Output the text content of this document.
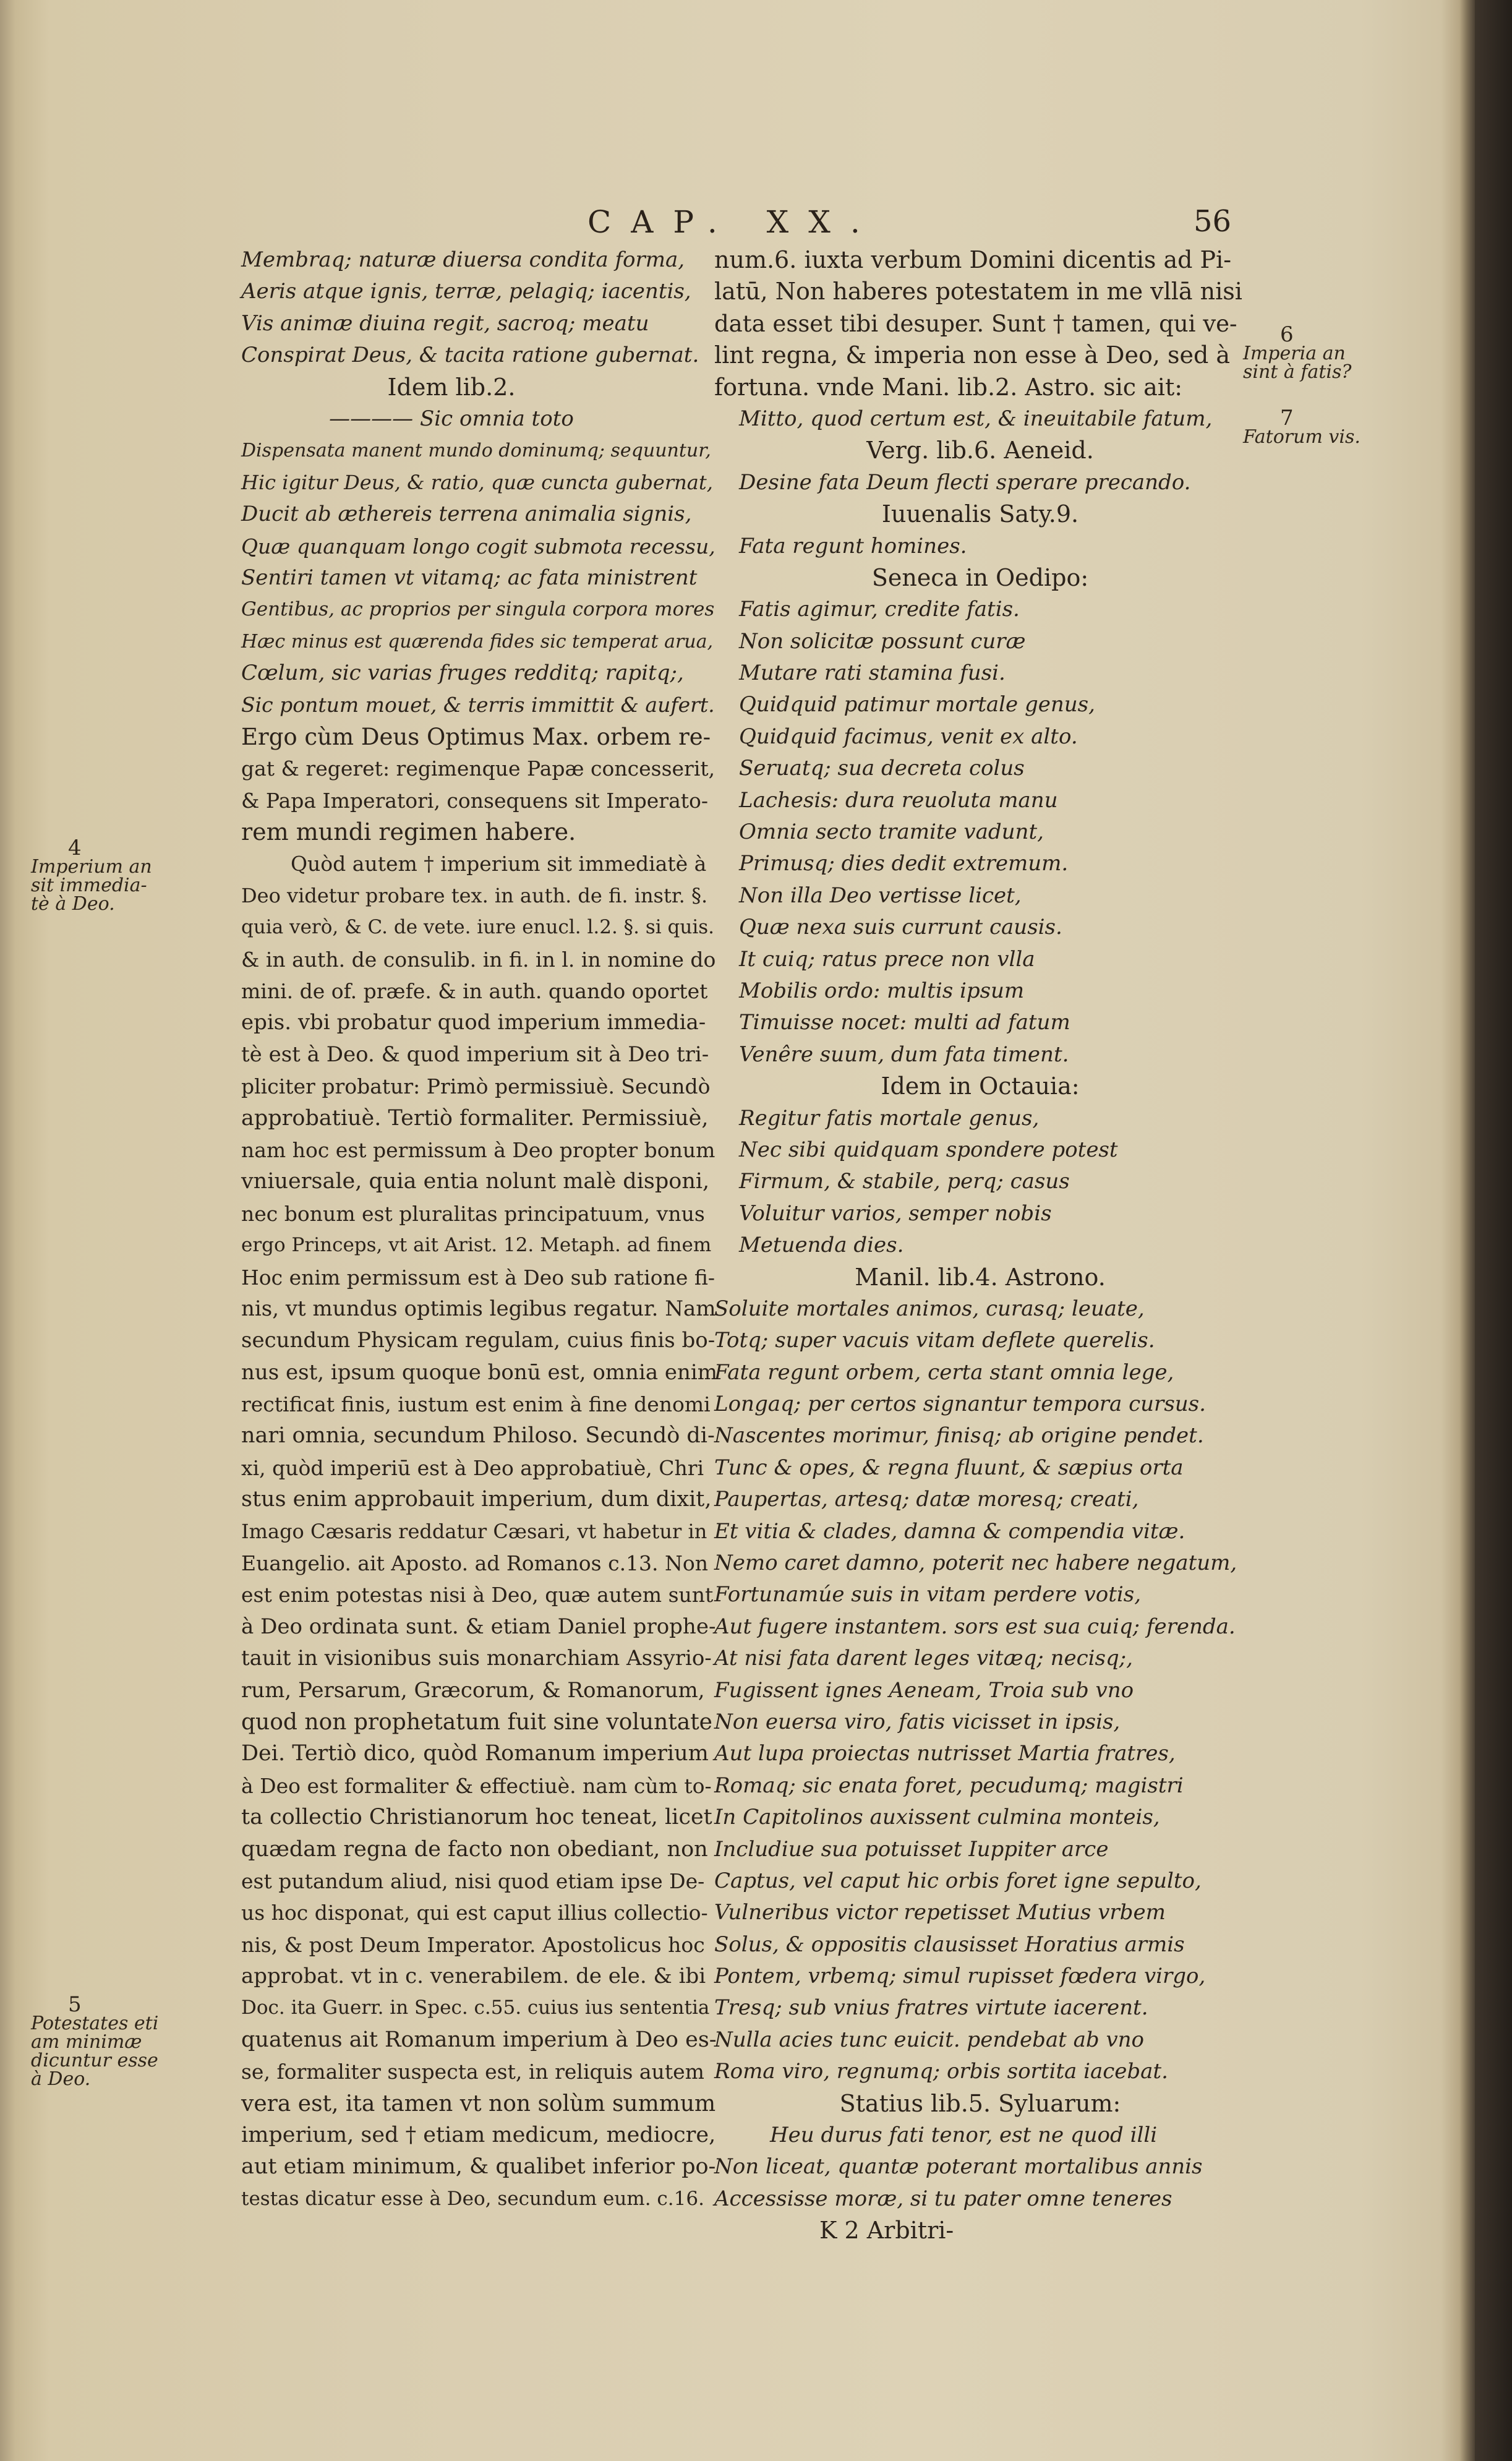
CAP. XX.	56
Membraq; naturæ diuersa condita forma,
Aeris atque ignis, terræ, pelagiq; iacentis,
Vis animæ diuina regit, sacroq; meatu
Conspirat Deus, & tacita ratione gubernat.
Idem lib.2.
———— Sic omnia toto
Dispensata manent mundo dominumq; sequuntur,
Hic igitur Deus, & ratio, quæ cuncta gubernat,
Ducit ab æthereis terrena animalia signis,
Quæ quanquam longo cogit submota recessu,
Sentiri tamen vt vitamq; ac fata ministrent
Gentibus, ac proprios per singula corpora mores
Hæc minus est quærenda fides sic temperat arua,
Cœlum, sic varias fruges redditq; rapitq;,
Sic pontum mouet, & terris immittit & aufert.
Ergo cùm Deus Optimus Max. orbem re-
gat & regeret: regimenque Papæ concesserit,
& Papa Imperatori, consequens sit Imperato-
rem mundi regimen habere.
Quòd autem † imperium sit immediatè à
Deo videtur probare tex. in auth. de fi. instr. §.
quia verò, & C. de vete. iure enucl. l.2. §. si quis.
& in auth. de consulib. in fi. in l. in nomine do
mini. de of. præfe. & in auth. quando oportet
epis. vbi probatur quod imperium immedia-
tè est à Deo. & quod imperium sit à Deo tri-
pliciter probatur: Primò permissiuè. Secundò
approbatiuè. Tertiò formaliter. Permissiuè,
nam hoc est permissum à Deo propter bonum
vniuersale, quia entia nolunt malè disponi,
nec bonum est pluralitas principatuum, vnus
ergo Princeps, vt ait Arist. 12. Metaph. ad finem
Hoc enim permissum est à Deo sub ratione fi-
nis, vt mundus optimis legibus regatur. Nam
secundum Physicam regulam, cuius finis bo-
nus est, ipsum quoque bonū est, omnia enim
rectificat finis, iustum est enim à fine denomi
nari omnia, secundum Philoso. Secundò di-
xi, quòd imperiū est à Deo approbatiuè, Chri
stus enim approbauit imperium, dum dixit,
Imago Cæsaris reddatur Cæsari, vt habetur in
Euangelio. ait Aposto. ad Romanos c.13. Non
est enim potestas nisi à Deo, quæ autem sunt
à Deo ordinata sunt. & etiam Daniel prophe-
tauit in visionibus suis monarchiam Assyrio-
rum, Persarum, Græcorum, & Romanorum,
quod non prophetatum fuit sine voluntate
Dei. Tertiò dico, quòd Romanum imperium
à Deo est formaliter & effectiuè. nam cùm to-
ta collectio Christianorum hoc teneat, licet
quædam regna de facto non obediant, non
est putandum aliud, nisi quod etiam ipse De-
us hoc disponat, qui est caput illius collectio-
nis, & post Deum Imperator. Apostolicus hoc
approbat. vt in c. venerabilem. de ele. & ibi
Doc. ita Guerr. in Spec. c.55. cuius ius sententia
quatenus ait Romanum imperium à Deo es-
se, formaliter suspecta est, in reliquis autem
vera est, ita tamen vt non solùm summum
imperium, sed † etiam medicum, mediocre,
aut etiam minimum, & qualibet inferior po-
testas dicatur esse à Deo, secundum eum. c.16.
num.6. iuxta verbum Domini dicentis ad Pi-
latū, Non haberes potestatem in me vllā nisi
data esset tibi desuper. Sunt † tamen, qui ve-
lint regna, & imperia non esse à Deo, sed à
fortuna. vnde Mani. lib.2. Astro. sic ait:
Mitto, quod certum est, & ineuitabile fatum,
Verg. lib.6. Aeneid.
Desine fata Deum flecti sperare precando.
Iuuenalis Saty.9.
Fata regunt homines.
Seneca in Oedipo:
Fatis agimur, credite fatis.
Non solicitæ possunt curæ
Mutare rati stamina fusi.
Quidquid patimur mortale genus,
Quidquid facimus, venit ex alto.
Seruatq; sua decreta colus
Lachesis: dura reuoluta manu
Omnia secto tramite vadunt,
Primusq; dies dedit extremum.
Non illa Deo vertisse licet,
Quæ nexa suis currunt causis.
It cuiq; ratus prece non vlla
Mobilis ordo: multis ipsum
Timuisse nocet: multi ad fatum
Venêre suum, dum fata timent.
Idem in Octauia:
Regitur fatis mortale genus,
Nec sibi quidquam spondere potest
Firmum, & stabile, perq; casus
Voluitur varios, semper nobis
Metuenda dies.
Manil. lib.4. Astrono.
Soluite mortales animos, curasq; leuate,
Totq; super vacuis vitam deflete querelis.
Fata regunt orbem, certa stant omnia lege,
Longaq; per certos signantur tempora cursus.
Nascentes morimur, finisq; ab origine pendet.
Tunc & opes, & regna fluunt, & sæpius orta
Paupertas, artesq; datæ moresq; creati,
Et vitia & clades, damna & compendia vitæ.
Nemo caret damno, poterit nec habere negatum,
Fortunamúe suis in vitam perdere votis,
Aut fugere instantem. sors est sua cuiq; ferenda.
At nisi fata darent leges vitæq; necisq;,
Fugissent ignes Aeneam, Troia sub vno
Non euersa viro, fatis vicisset in ipsis,
Aut lupa proiectas nutrisset Martia fratres,
Romaq; sic enata foret, pecudumq; magistri
In Capitolinos auxissent culmina monteis,
Includiue sua potuisset Iuppiter arce
Captus, vel caput hic orbis foret igne sepulto,
Vulneribus victor repetisset Mutius vrbem
Solus, & oppositis clausisset Horatius armis
Pontem, vrbemq; simul rupisset fœdera virgo,
Tresq; sub vnius fratres virtute iacerent.
Nulla acies tunc euicit. pendebat ab vno
Roma viro, regnumq; orbis sortita iacebat.
Statius lib.5. Syluarum:
Heu durus fati tenor, est ne quod illi
Non liceat, quantæ poterant mortalibus annis
Accessisse moræ, si tu pater omne teneres
K 2 Arbitri-
4
Imperium an
sit immedia-
tè à Deo.
5
Potestates eti
am minimæ
dicuntur esse
à Deo.
6
Imperia an
sint à fatis?
7
Fatorum vis.
